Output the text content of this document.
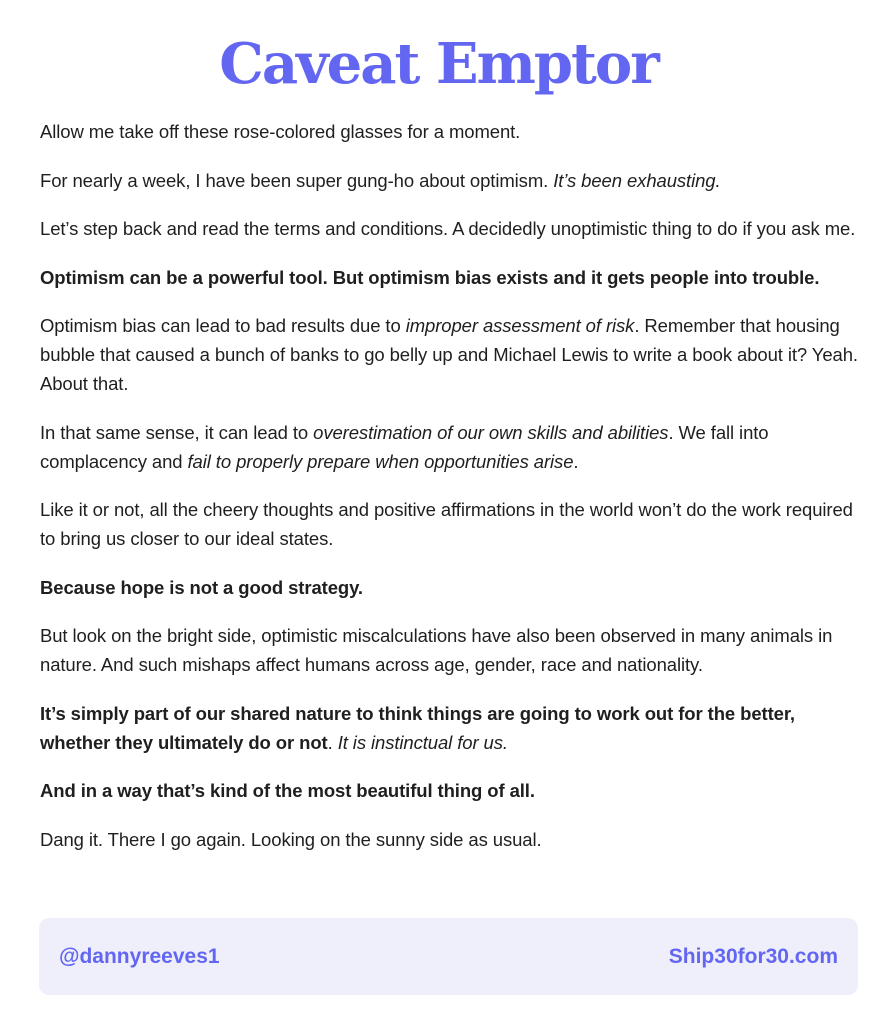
Caveat Emptor

Allow me take off these rose-colored glasses for a moment.

For nearly a week, I have been super gung-ho about optimism. It’s been exhausting.

Let’s step back and read the terms and conditions. A decidedly unoptimistic thing to do if you ask me.

Optimism can be a powerful tool. But optimism bias exists and it gets people into trouble.

Optimism bias can lead to bad results due to improper assessment of risk. Remember that housing bubble that caused a bunch of banks to go belly up and Michael Lewis to write a book about it? Yeah. About that.

In that same sense, it can lead to overestimation of our own skills and abilities. We fall into complacency and fail to properly prepare when opportunities arise.

Like it or not, all the cheery thoughts and positive affirmations in the world won’t do the work required to bring us closer to our ideal states.

Because hope is not a good strategy.

But look on the bright side, optimistic miscalculations have also been observed in many animals in nature. And such mishaps affect humans across age, gender, race and nationality.

It’s simply part of our shared nature to think things are going to work out for the better, whether they ultimately do or not. It is instinctual for us.

And in a way that’s kind of the most beautiful thing of all.

Dang it. There I go again. Looking on the sunny side as usual.

@dannyreeves1	Ship30for30.com
